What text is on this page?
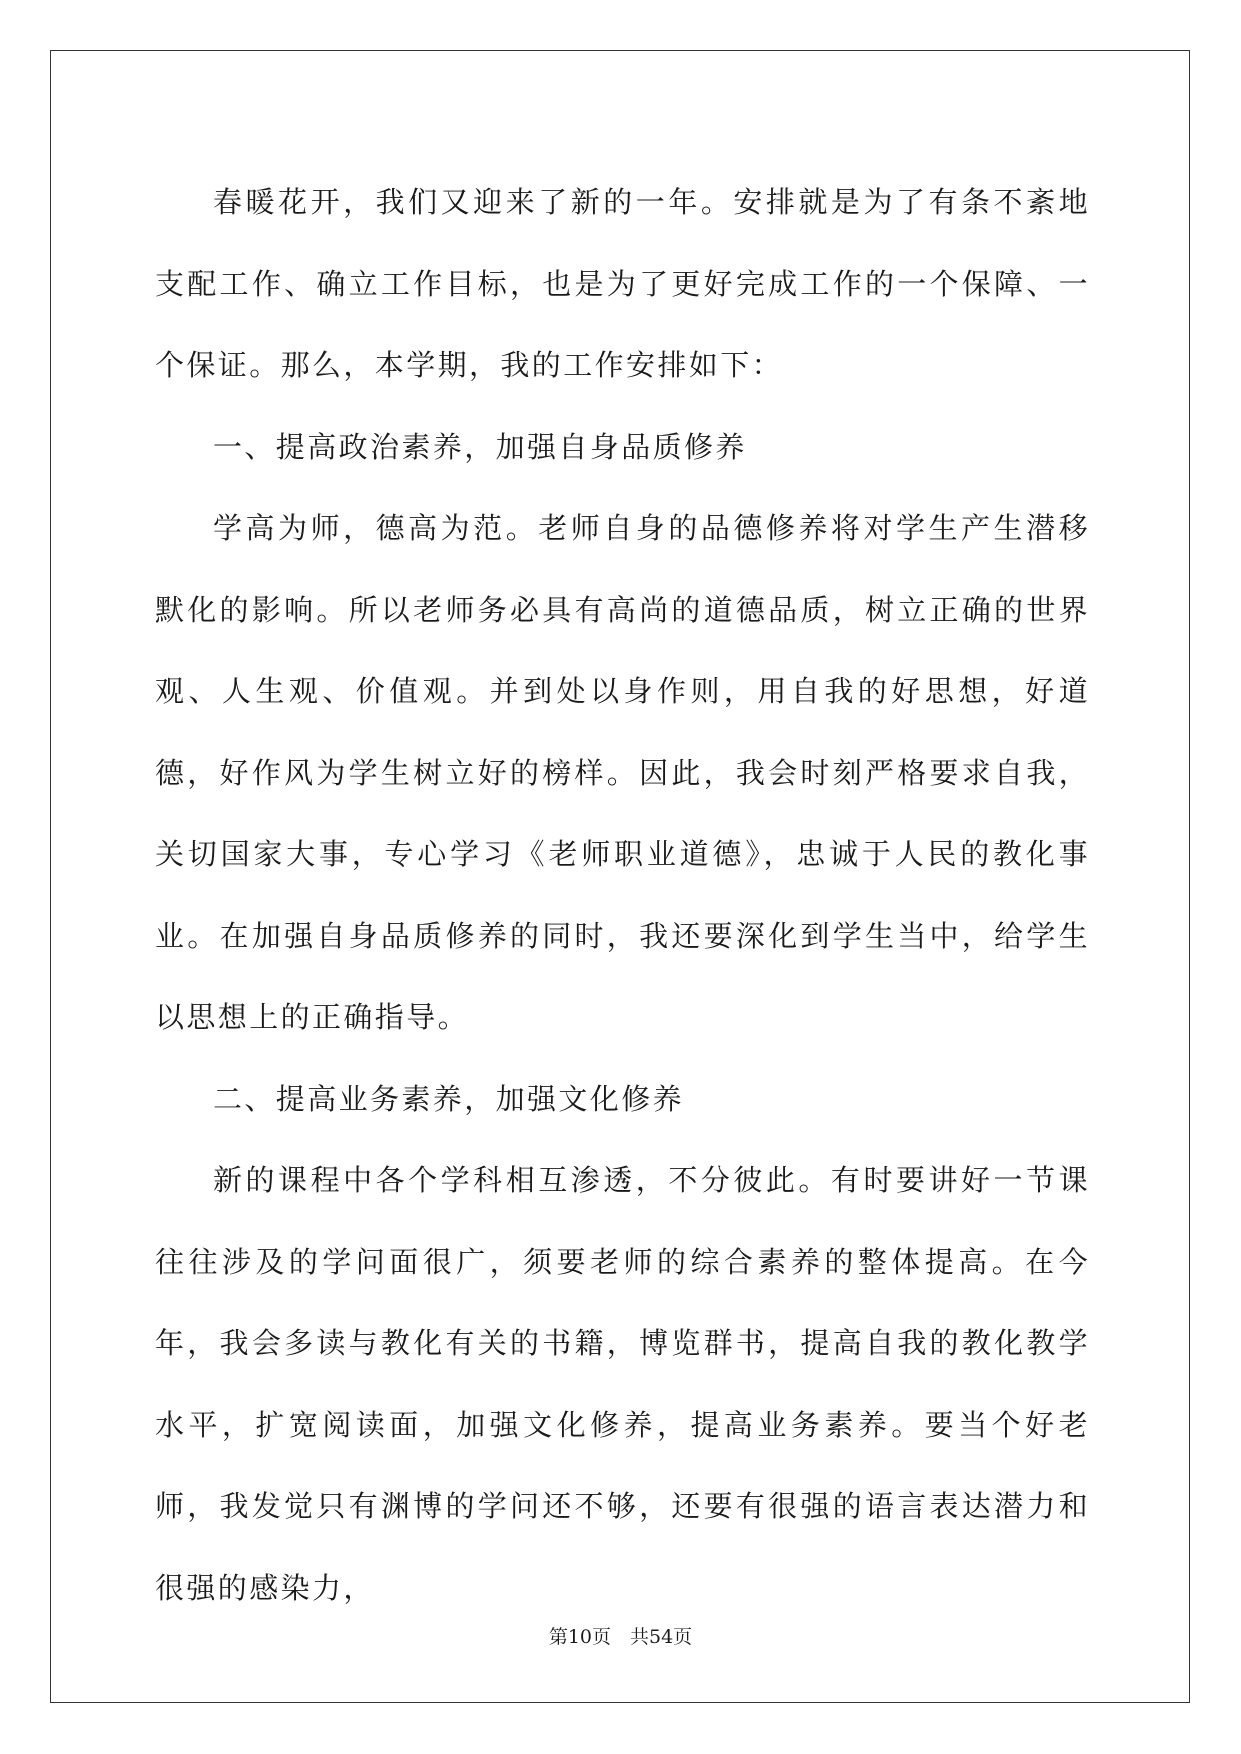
春暖花开，我们又迎来了新的一年。安排就是为了有条不紊地支配工作、确立工作目标，也是为了更好完成工作的一个保障、一个保证。那么，本学期，我的工作安排如下：

一、提高政治素养，加强自身品质修养

学高为师，德高为范。老师自身的品德修养将对学生产生潜移默化的影响。所以老师务必具有高尚的道德品质，树立正确的世界观、人生观、价值观。并到处以身作则，用自我的好思想，好道德，好作风为学生树立好的榜样。因此，我会时刻严格要求自我，关切国家大事，专心学习《老师职业道德》，忠诚于人民的教化事业。在加强自身品质修养的同时，我还要深化到学生当中，给学生以思想上的正确指导。

二、提高业务素养，加强文化修养

新的课程中各个学科相互渗透，不分彼此。有时要讲好一节课往往涉及的学问面很广，须要老师的综合素养的整体提高。在今年，我会多读与教化有关的书籍，博览群书，提高自我的教化教学水平，扩宽阅读面，加强文化修养，提高业务素养。要当个好老师，我发觉只有渊博的学问还不够，还要有很强的语言表达潜力和很强的感染力，

第10页　共54页
